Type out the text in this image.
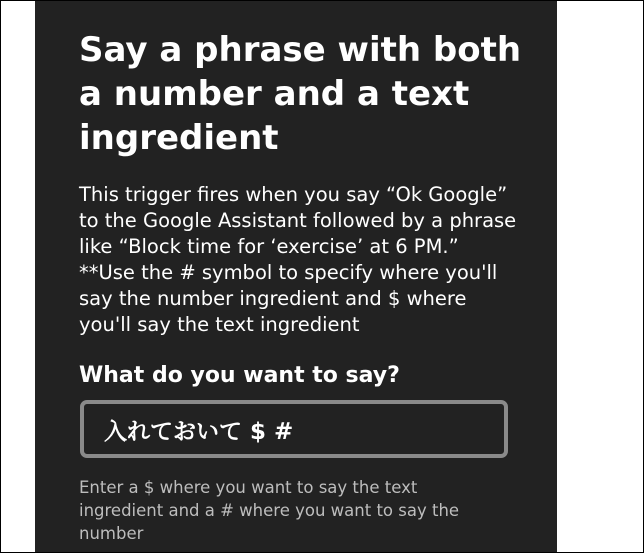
Say a phrase with both a number and a text ingredient

This trigger fires when you say “Ok Google” to the Google Assistant followed by a phrase like “Block time for ‘exercise’ at 6 PM.” **Use the # symbol to specify where you'll say the number ingredient and $ where you'll say the text ingredient

What do you want to say?
入れておいて $ #

Enter a $ where you want to say the text ingredient and a # where you want to say the number
